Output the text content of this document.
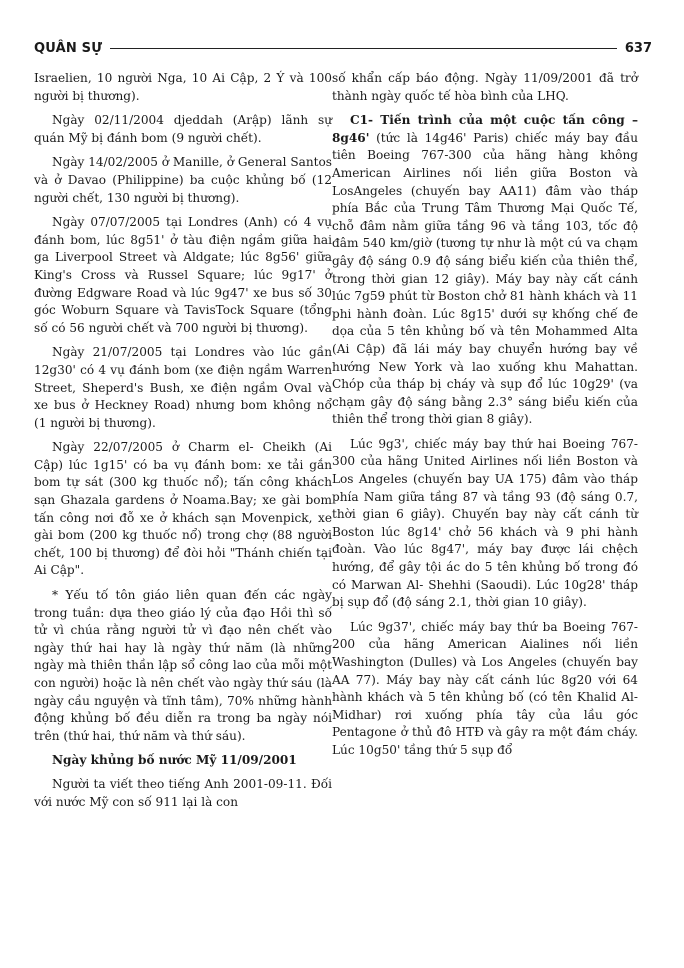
QUÂN SỰ	637

Israelien, 10 người Nga, 10 Ai Cập, 2 Ý và 100 người bị thương).

Ngày 02/11/2004 djeddah (Arập) lãnh sự quán Mỹ bị đánh bom (9 người chết).

Ngày 14/02/2005 ở Manille, ở General Santos và ở Davao (Philippine) ba cuộc khủng bố (12 người chết, 130 người bị thương).

Ngày 07/07/2005 tại Londres (Anh) có 4 vụ đánh bom, lúc 8g51' ở tàu điện ngầm giữa hai ga Liverpool Street và Aldgate; lúc 8g56' giữa King's Cross và Russel Square; lúc 9g17' ở đường Edgware Road và lúc 9g47' xe bus số 30 góc Woburn Square và TavisTock Square (tổng số có 56 người chết và 700 người bị thương).

Ngày 21/07/2005 tại Londres vào lúc gần 12g30' có 4 vụ đánh bom (xe điện ngầm Warren Street, Sheperd's Bush, xe điện ngầm Oval và xe bus ở Heckney Road) nhưng bom không nổ (1 người bị thương).

Ngày 22/07/2005 ở Charm el- Cheikh (Ai Cập) lúc 1g15' có ba vụ đánh bom: xe tải gắn bom tự sát (300 kg thuốc nổ); tấn công khách sạn Ghazala gardens ở Noama.Bay; xe gài bom tấn công nơi đỗ xe ở khách sạn Movenpick, xe gài bom (200 kg thuốc nổ) trong chợ (88 người chết, 100 bị thương) để đòi hỏi "Thánh chiến tại Ai Cập".

* Yếu tố tôn giáo liên quan đến các ngày trong tuần: dựa theo giáo lý của đạo Hồi thì số tử vì chúa rằng người tử vì đạo nên chết vào ngày thứ hai hay là ngày thứ năm (là những ngày mà thiên thần lập sổ công lao của mỗi một con người) hoặc là nên chết vào ngày thứ sáu (là ngày cầu nguyện và tĩnh tâm), 70% những hành động khủng bố đều diễn ra trong ba ngày nói trên (thứ hai, thứ năm và thứ sáu).

Ngày khủng bố nước Mỹ 11/09/2001

Người ta viết theo tiếng Anh 2001-09-11. Đối với nước Mỹ con số 911 lại là con

số khẩn cấp báo động. Ngày 11/09/2001 đã trở thành ngày quốc tế hòa bình của LHQ.

C1- Tiến trình của một cuộc tấn công – 8g46' (tức là 14g46' Paris) chiếc máy bay đầu tiên Boeing 767-300 của hãng hàng không American Airlines nối liền giữa Boston và LosAngeles (chuyến bay AA11) đâm vào tháp phía Bắc của Trung Tâm Thương Mại Quốc Tế, chỗ đâm nằm giữa tầng 96 và tầng 103, tốc độ đâm 540 km/giờ (tương tự như là một cú va chạm gây độ sáng 0.9 độ sáng biểu kiến của thiên thể, trong thời gian 12 giây). Máy bay này cất cánh lúc 7g59 phút từ Boston chở 81 hành khách và 11 phi hành đoàn. Lúc 8g15' dưới sự khống chế đe dọa của 5 tên khủng bố và tên Mohammed Alta (Ai Cập) đã lái máy bay chuyển hướng bay về hướng New York và lao xuống khu Mahattan. Chóp của tháp bị cháy và sụp đổ lúc 10g29' (va chạm gây độ sáng bằng 2.3° sáng biểu kiến của thiên thể trong thời gian 8 giây).

Lúc 9g3', chiếc máy bay thứ hai Boeing 767-300 của hãng United Airlines nối liền Boston và Los Angeles (chuyến bay UA 175) đâm vào tháp phía Nam giữa tầng 87 và tầng 93 (độ sáng 0.7, thời gian 6 giây). Chuyến bay này cất cánh từ Boston lúc 8g14' chở 56 khách và 9 phi hành đoàn. Vào lúc 8g47', máy bay được lái chệch hướng, để gây tội ác do 5 tên khủng bố trong đó có Marwan Al- Shehhi (Saoudi). Lúc 10g28' tháp bị sụp đổ (độ sáng 2.1, thời gian 10 giây).

Lúc 9g37', chiếc máy bay thứ ba Boeing 767-200 của hãng American Aialines nối liền Washington (Dulles) và Los Angeles (chuyến bay AA 77). Máy bay này cất cánh lúc 8g20 với 64 hành khách và 5 tên khủng bố (có tên Khalid Al-Midhar) rơi xuống phía tây của lầu góc Pentagone ở thủ đô HTĐ và gây ra một đám cháy. Lúc 10g50' tầng thứ 5 sụp đổ
